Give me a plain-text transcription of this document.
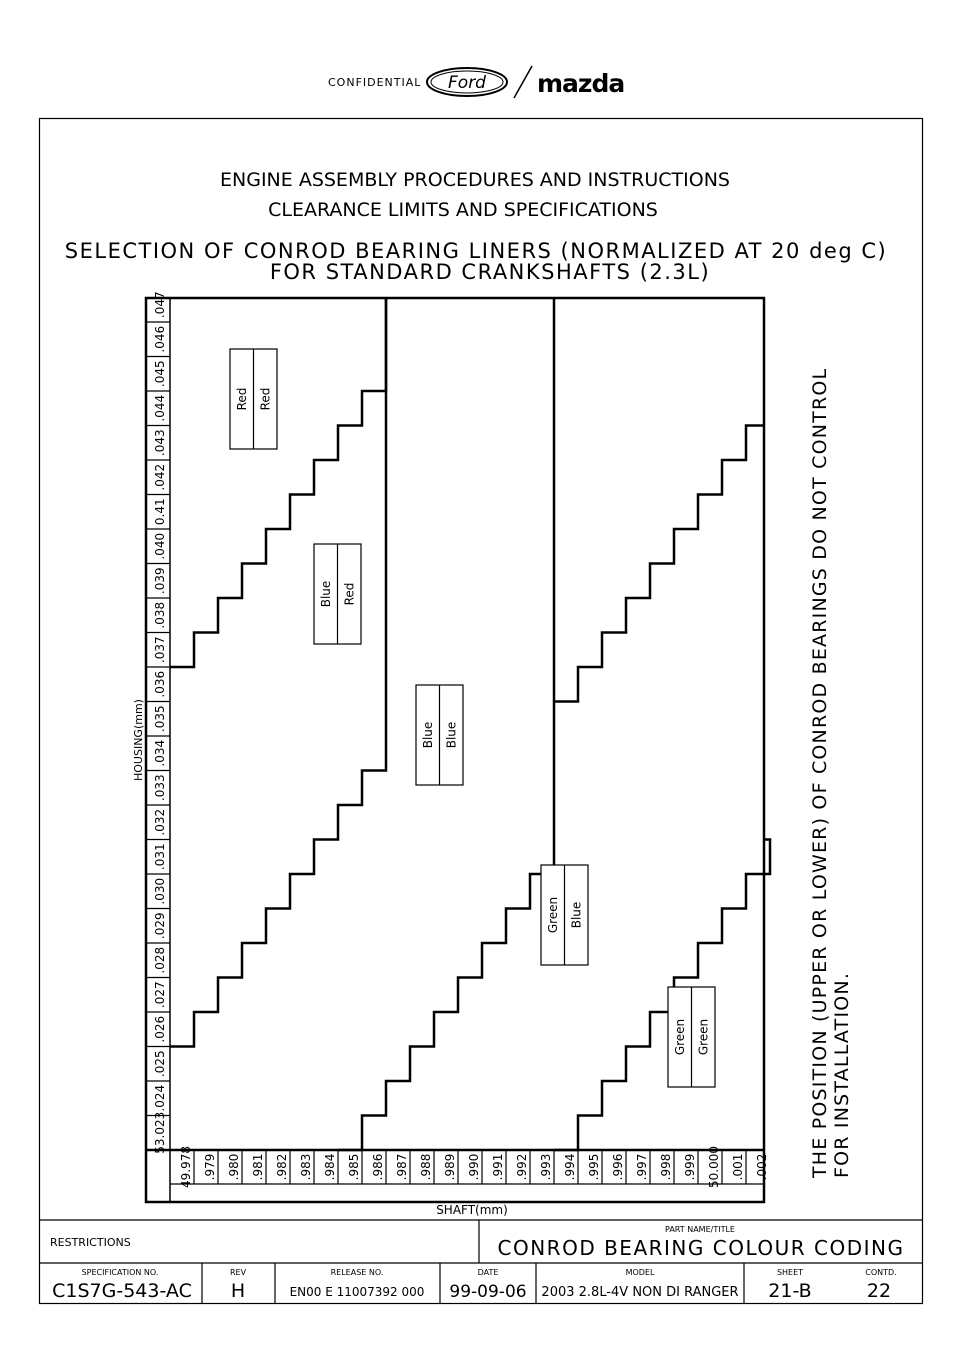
CONFIDENTIAL Ford mazda
ENGINE ASSEMBLY PROCEDURES AND INSTRUCTIONS
CLEARANCE LIMITS AND SPECIFICATIONS
SELECTION OF CONROD BEARING LINERS (NORMALIZED AT 20 deg C)
FOR STANDARD CRANKSHAFTS (2.3L)
53.023
.024
.025
.026
.027
.028
.029
.030
.031
.032
.033
.034
.035
.036
.037
.038
.039
.040
0.41
.042
.043
.044
.045
.046
.047
49.978 .979 .980 .981 .982 .983 .984 .985 .986 .987 .988 .989 .990 .991 .992 .993 .994 .995 .996 .997 .998 .999 50.000 .001 .002
Red Red
Blue Red
Blue Blue
Green Blue
Green Green
HOUSING(mm)
SHAFT(mm)
THE POSITION (UPPER OR LOWER) OF CONROD BEARINGS DO NOT CONTROL FOR INSTALLATION.
RESTRICTIONS
PART NAME/TITLE
CONROD BEARING COLOUR CODING
SPECIFICATION NO.
C1S7G-543-AC
REV
H
RELEASE NO.
EN00 E 11007392 000
DATE
99-09-06
MODEL
2003 2.8L-4V NON DI RANGER
SHEET
21-B
CONTD.
22
